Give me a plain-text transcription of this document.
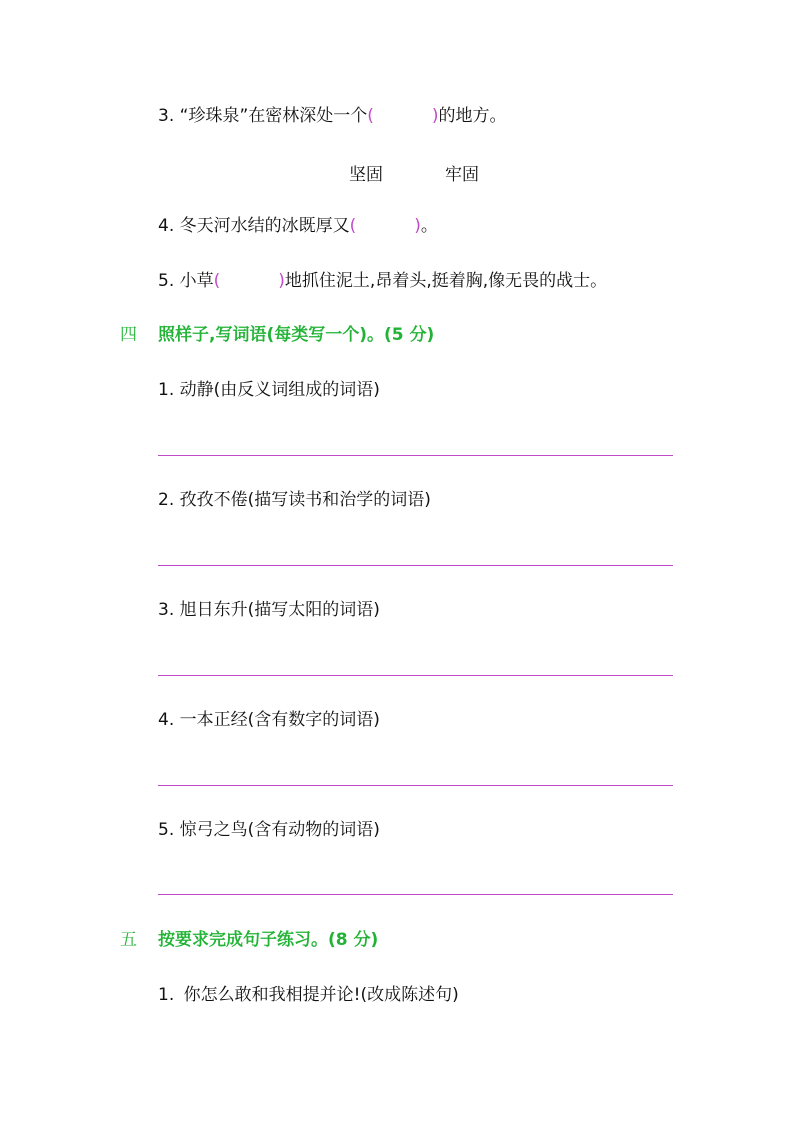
3. “珍珠泉”在密林深处一个(	)的地方。
坚固	牢固
4. 冬天河水结的冰既厚又(	)。
5. 小草(	)地抓住泥土,昂着头,挺着胸,像无畏的战士。
四 照样子,写词语(每类写一个)。(5 分)
1. 动静(由反义词组成的词语)
2. 孜孜不倦(描写读书和治学的词语)
3. 旭日东升(描写太阳的词语)
4. 一本正经(含有数字的词语)
5. 惊弓之鸟(含有动物的词语)
五 按要求完成句子练习。(8 分)
1. 你怎么敢和我相提并论!(改成陈述句)
